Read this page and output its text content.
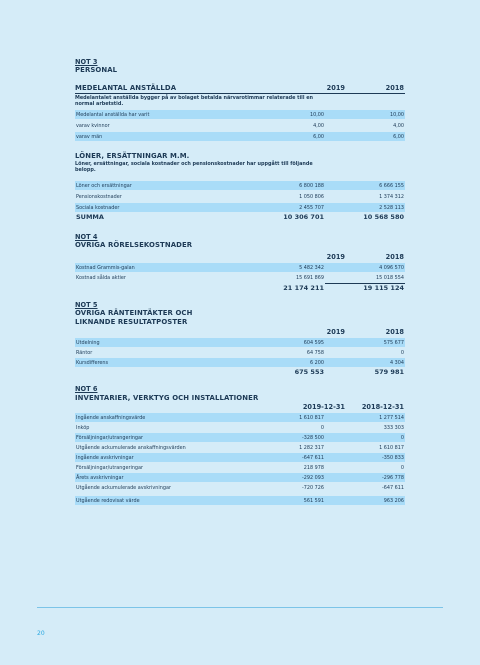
NOT 3
PERSONAL
MEDELANTAL ANSTÄLLDA	2019	2018
Medelantalet anställda bygger på av bolaget betalda närvarotimmar relaterade till en normal arbetstid.
Medelantal anställda har varit	10,00	10,00
varav kvinnor	4,00	4,00
varav män	6,00	6,00
LÖNER, ERSÄTTNINGAR M.M.
Löner, ersättningar, sociala kostnader och pensionskostnader har uppgått till följande belopp.
Löner och ersättningar	6 800 188	6 666 155
Pensionskostnader	1 050 806	1 374 312
Sociala kostnader	2 455 707	2 528 113
SUMMA	10 306 701	10 568 580
NOT 4
ÖVRIGA RÖRELSEKOSTNADER
2019	2018
Kostnad Grammis-galan	5 482 342	4 096 570
Kostnad sålda aktier	15 691 869	15 018 554
21 174 211	19 115 124
NOT 5
ÖVRIGA RÄNTEINTÄKTER OCH
LIKNANDE RESULTATPOSTER
2019	2018
Utdelning	604 595	575 677
Räntor	64 758	0
Kursdifferens	6 200	4 304
675 553	579 981
NOT 6
INVENTARIER, VERKTYG OCH INSTALLATIONER
2019-12-31	2018-12-31
Ingående anskaffningsvärde	1 610 817	1 277 514
Inköp	0	333 303
Försäljningar/utrangeringar	-328 500	0
Utgående ackumulerade anskaffningsvärden	1 282 317	1 610 817
Ingående avskrivningar	-647 611	-350 833
Försäljningar/utrangeringar	218 978	0
Årets avskrivningar	-292 093	-296 778
Utgående ackumulerade avskrivningar	-720 726	-647 611
Utgående redovisat värde	561 591	963 206
20
